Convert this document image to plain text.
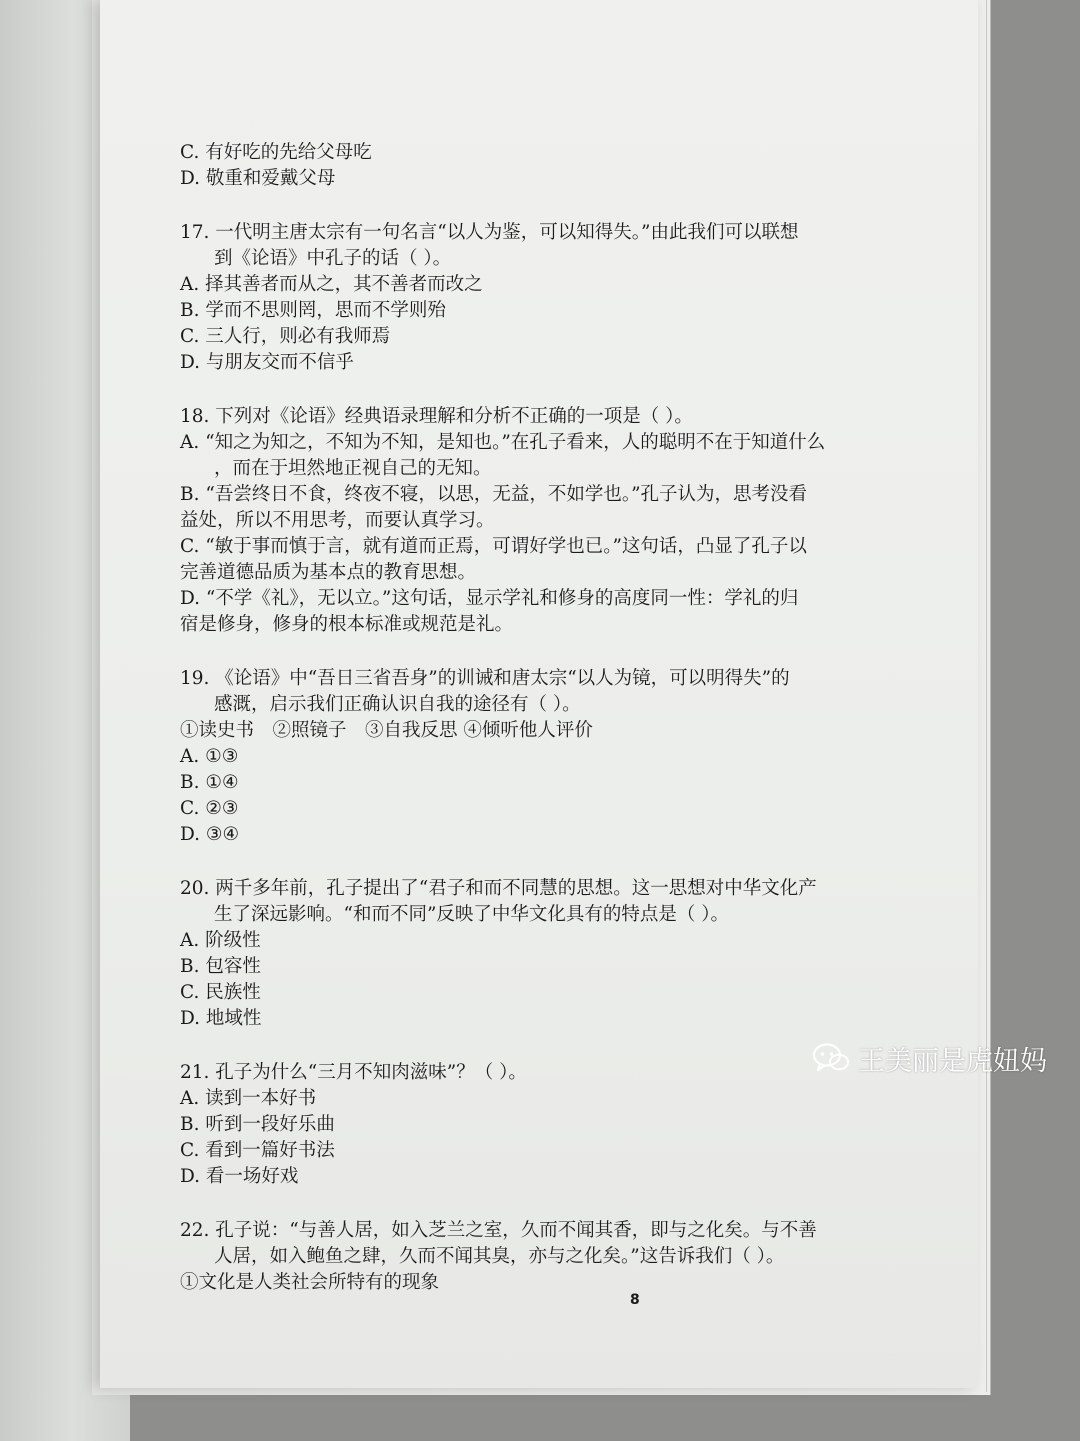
8
C. 有好吃的先给父母吃
D. 敬重和爱戴父母
17. 一代明主唐太宗有一句名言“以人为鉴，可以知得失。”由此我们可以联想
到《论语》中孔子的话（ ）。
A. 择其善者而从之，其不善者而改之
B. 学而不思则罔，思而不学则殆
C. 三人行，则必有我师焉
D. 与朋友交而不信乎
18. 下列对《论语》经典语录理解和分析不正确的一项是（ ）。
A. “知之为知之，不知为不知，是知也。”在孔子看来，人的聪明不在于知道什么
，而在于坦然地正视自己的无知。
B. “吾尝终日不食，终夜不寝，以思，无益，不如学也。”孔子认为，思考没看
益处，所以不用思考，而要认真学习。
C. “敏于事而慎于言，就有道而正焉，可谓好学也已。”这句话，凸显了孔子以
完善道德品质为基本点的教育思想。
D. “不学《礼》，无以立。”这句话，显示学礼和修身的高度同一性：学礼的归
宿是修身，修身的根本标准或规范是礼。
19. 《论语》中“吾日三省吾身”的训诫和唐太宗“以人为镜，可以明得失”的
感溉，启示我们正确认识自我的途径有（ ）。
①读史书　②照镜子　③自我反思 ④倾听他人评价
A. ①③
B. ①④
C. ②③
D. ③④
20. 两千多年前，孔子提出了“君子和而不同慧的思想。这一思想对中华文化产
生了深远影响。“和而不同”反映了中华文化具有的特点是（ ）。
A. 阶级性
B. 包容性
C. 民族性
D. 地域性
21. 孔子为什么“三月不知肉滋味”？（ ）。
A. 读到一本好书
B. 听到一段好乐曲
C. 看到一篇好书法
D. 看一场好戏
22. 孔子说：“与善人居，如入芝兰之室，久而不闻其香，即与之化矣。与不善
人居，如入鲍鱼之肆，久而不闻其臭，亦与之化矣。”这告诉我们（ ）。
①文化是人类社会所特有的现象
王美丽是虎妞妈
